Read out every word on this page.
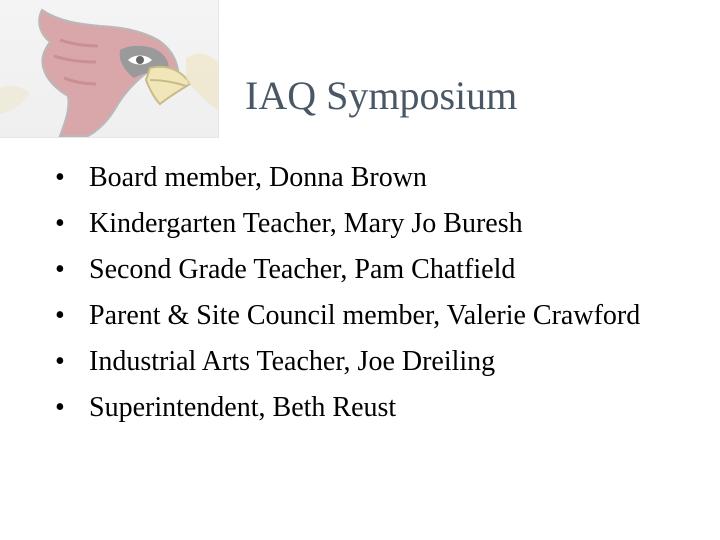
IAQ Symposium
• Board member, Donna Brown
• Kindergarten Teacher, Mary Jo Buresh
• Second Grade Teacher, Pam Chatfield
• Parent & Site Council member, Valerie Crawford
• Industrial Arts Teacher, Joe Dreiling
• Superintendent, Beth Reust
